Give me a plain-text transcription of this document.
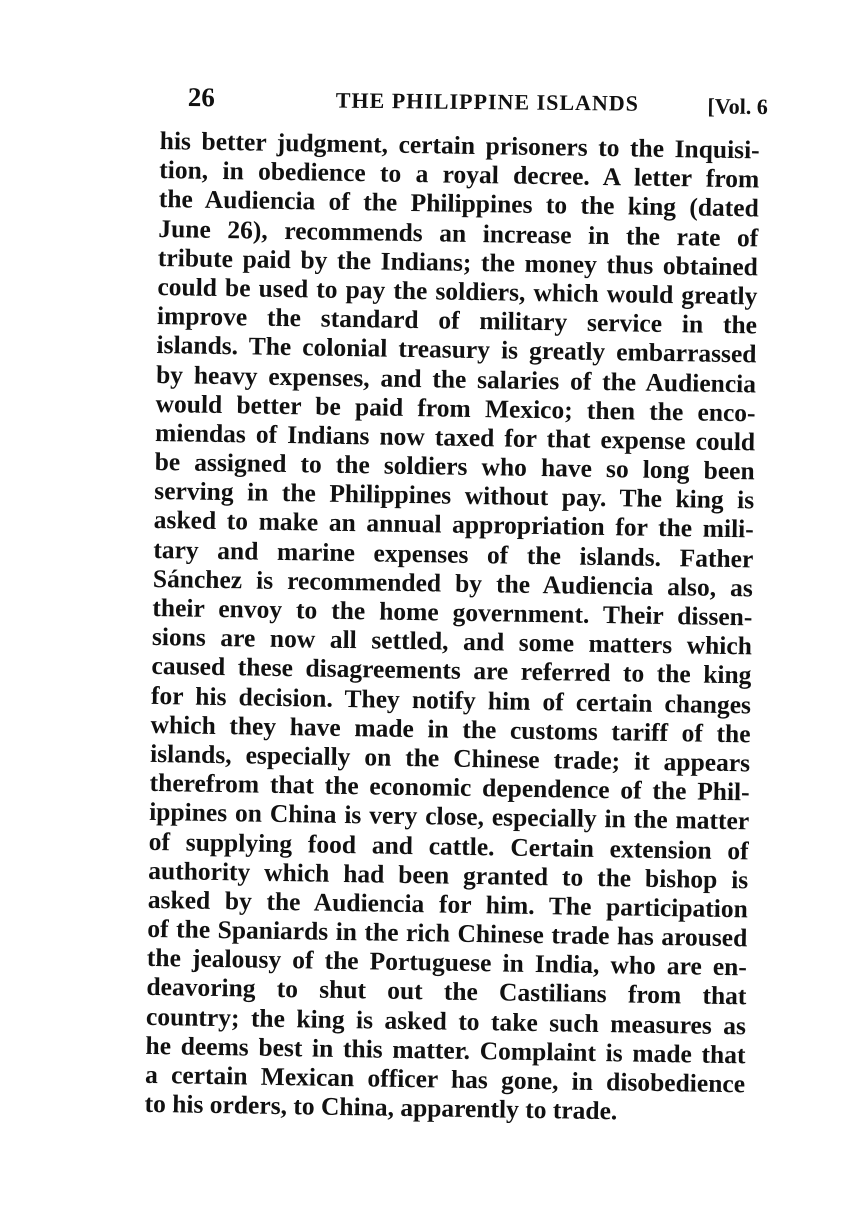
26	THE PHILIPPINE ISLANDS	[Vol. 6
his better judgment, certain prisoners to the Inquisi-
tion, in obedience to a royal decree. A letter from
the Audiencia of the Philippines to the king (dated
June 26), recommends an increase in the rate of
tribute paid by the Indians; the money thus obtained
could be used to pay the soldiers, which would greatly
improve the standard of military service in the
islands. The colonial treasury is greatly embarrassed
by heavy expenses, and the salaries of the Audiencia
would better be paid from Mexico; then the enco-
miendas of Indians now taxed for that expense could
be assigned to the soldiers who have so long been
serving in the Philippines without pay. The king is
asked to make an annual appropriation for the mili-
tary and marine expenses of the islands. Father
Sánchez is recommended by the Audiencia also, as
their envoy to the home government. Their dissen-
sions are now all settled, and some matters which
caused these disagreements are referred to the king
for his decision. They notify him of certain changes
which they have made in the customs tariff of the
islands, especially on the Chinese trade; it appears
therefrom that the economic dependence of the Phil-
ippines on China is very close, especially in the matter
of supplying food and cattle. Certain extension of
authority which had been granted to the bishop is
asked by the Audiencia for him. The participation
of the Spaniards in the rich Chinese trade has aroused
the jealousy of the Portuguese in India, who are en-
deavoring to shut out the Castilians from that
country; the king is asked to take such measures as
he deems best in this matter. Complaint is made that
a certain Mexican officer has gone, in disobedience
to his orders, to China, apparently to trade.
